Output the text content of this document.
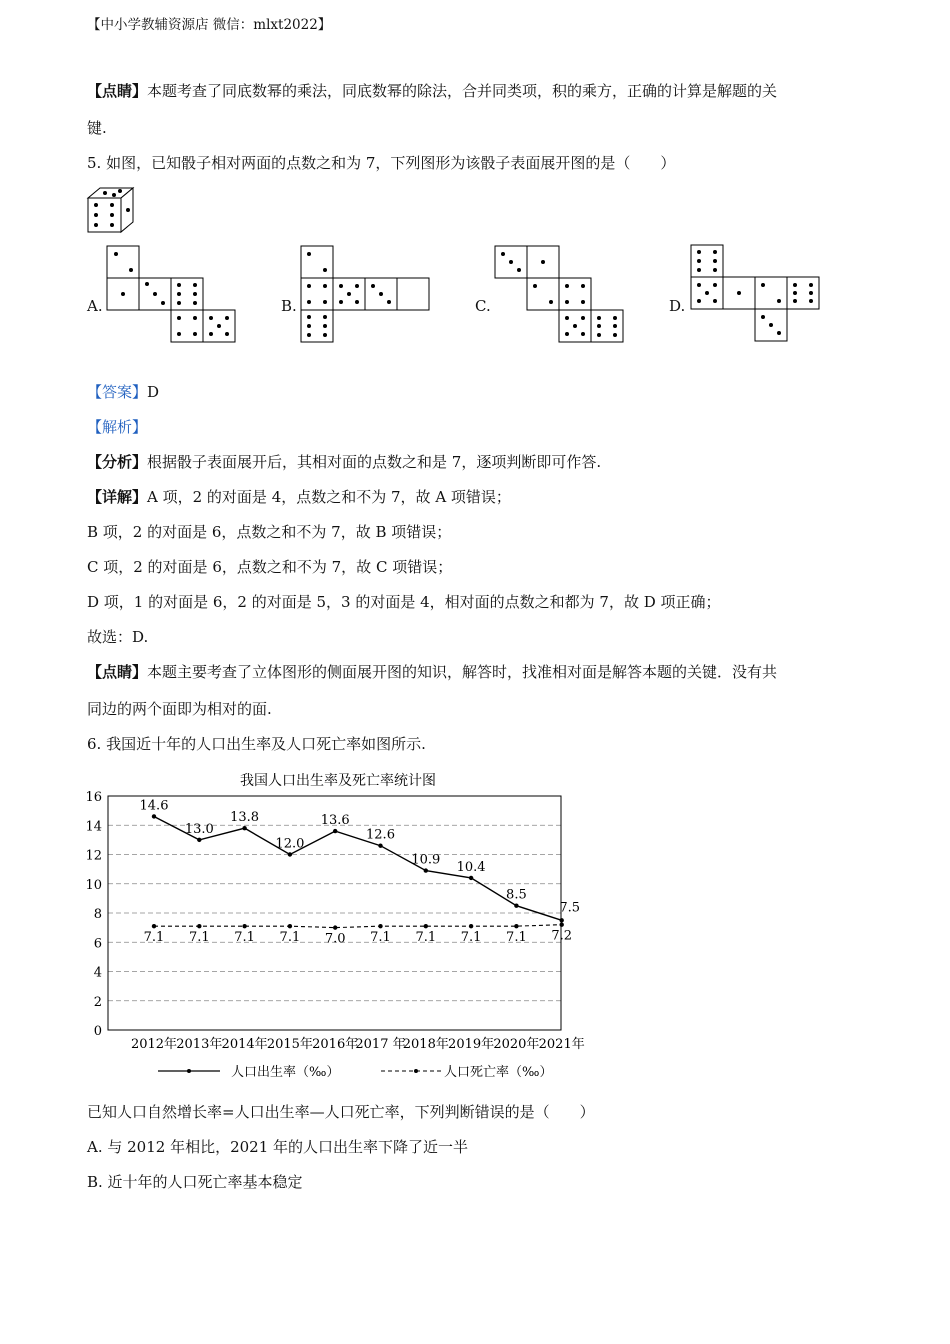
【中小学教辅资源店 微信：mlxt2022】
【点睛】本题考查了同底数幂的乘法，同底数幂的除法，合并同类项，积的乘方，正确的计算是解题的关
键.
5. 如图，已知骰子相对两面的点数之和为 7，下列图形为该骰子表面展开图的是（　　）
A.	B.	C.	D.
【答案】D
【解析】
【分析】根据骰子表面展开后，其相对面的点数之和是 7，逐项判断即可作答.
【详解】A 项，2 的对面是 4，点数之和不为 7，故 A 项错误；
B 项，2 的对面是 6，点数之和不为 7，故 B 项错误；
C 项，2 的对面是 6，点数之和不为 7，故 C 项错误；
D 项，1 的对面是 6，2 的对面是 5，3 的对面是 4，相对面的点数之和都为 7，故 D 项正确；
故选：D.
【点睛】本题主要考查了立体图形的侧面展开图的知识，解答时，找准相对面是解答本题的关键．没有共
同边的两个面即为相对的面.
6. 我国近十年的人口出生率及人口死亡率如图所示.
我国人口出生率及死亡率统计图
0
2
4
6
8
10
12
14
16
2012年 2013年 2014年 2015年 2016年
2017 年
2018年 2019年 2020年 2021年
14.6
13.0
13.8
12.0
13.6
12.6
10.9 10.4
8.5
7.5
7.1 7.1 7.1 7.1 7.0 7.1 7.1 7.1 7.1 7.2
人口出生率（‰）	人口死亡率（‰）
已知人口自然增长率=人口出生率—人口死亡率，下列判断错误的是（　　）
A. 与 2012 年相比，2021 年的人口出生率下降了近一半
B. 近十年的人口死亡率基本稳定
